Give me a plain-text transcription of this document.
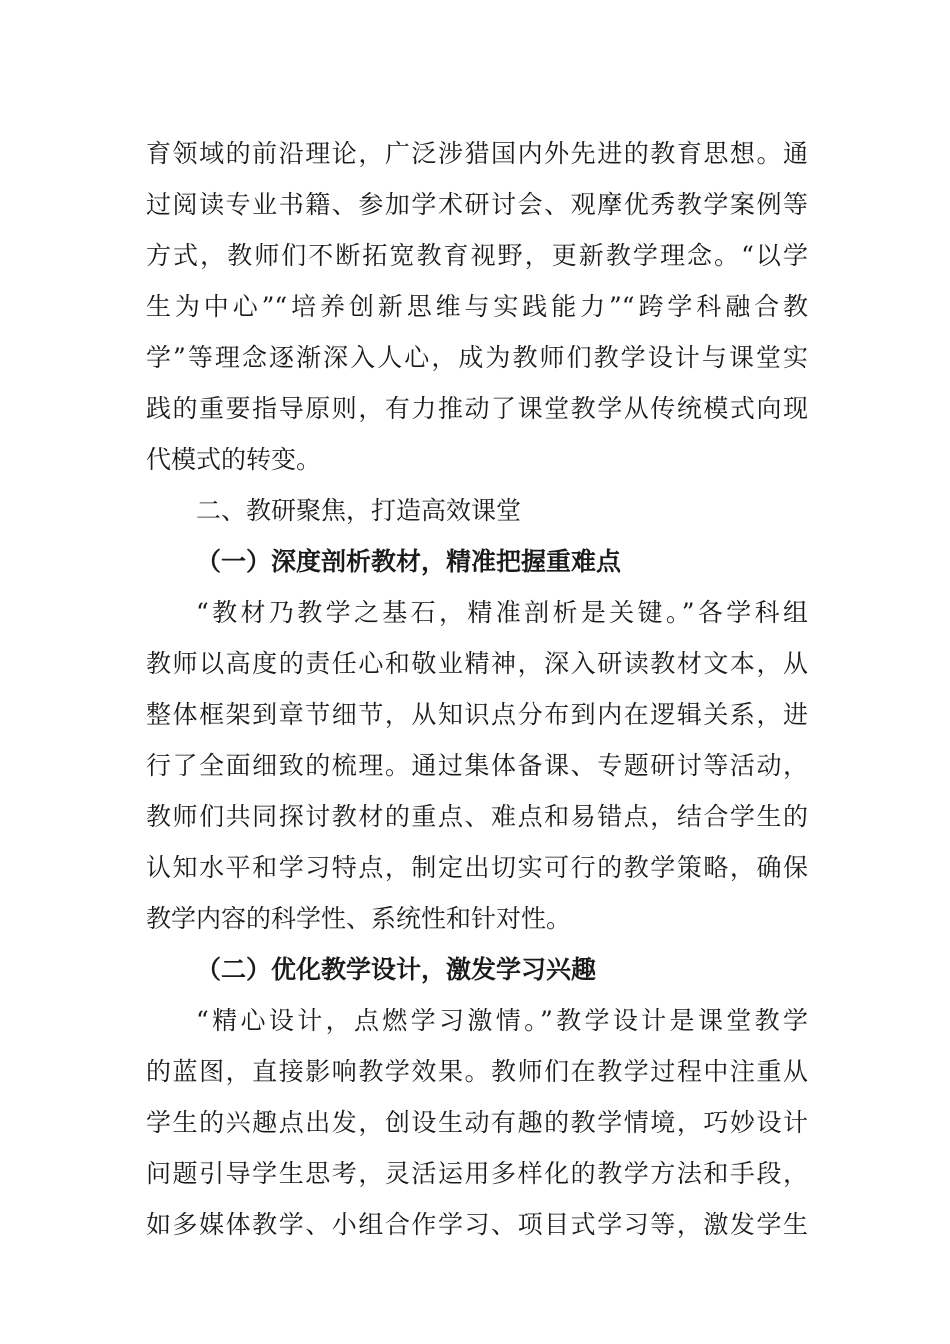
育领域的前沿理论，广泛涉猎国内外先进的教育思想。通
过阅读专业书籍、参加学术研讨会、观摩优秀教学案例等
方式，教师们不断拓宽教育视野，更新教学理念。“以学
生为中心”“培养创新思维与实践能力”“跨学科融合教
学”等理念逐渐深入人心，成为教师们教学设计与课堂实
践的重要指导原则，有力推动了课堂教学从传统模式向现
代模式的转变。
二、教研聚焦，打造高效课堂
（一）深度剖析教材，精准把握重难点
“教材乃教学之基石，精准剖析是关键。”各学科组
教师以高度的责任心和敬业精神，深入研读教材文本，从
整体框架到章节细节，从知识点分布到内在逻辑关系，进
行了全面细致的梳理。通过集体备课、专题研讨等活动，
教师们共同探讨教材的重点、难点和易错点，结合学生的
认知水平和学习特点，制定出切实可行的教学策略，确保
教学内容的科学性、系统性和针对性。
（二）优化教学设计，激发学习兴趣
“精心设计，点燃学习激情。”教学设计是课堂教学
的蓝图，直接影响教学效果。教师们在教学过程中注重从
学生的兴趣点出发，创设生动有趣的教学情境，巧妙设计
问题引导学生思考，灵活运用多样化的教学方法和手段，
如多媒体教学、小组合作学习、项目式学习等，激发学生
